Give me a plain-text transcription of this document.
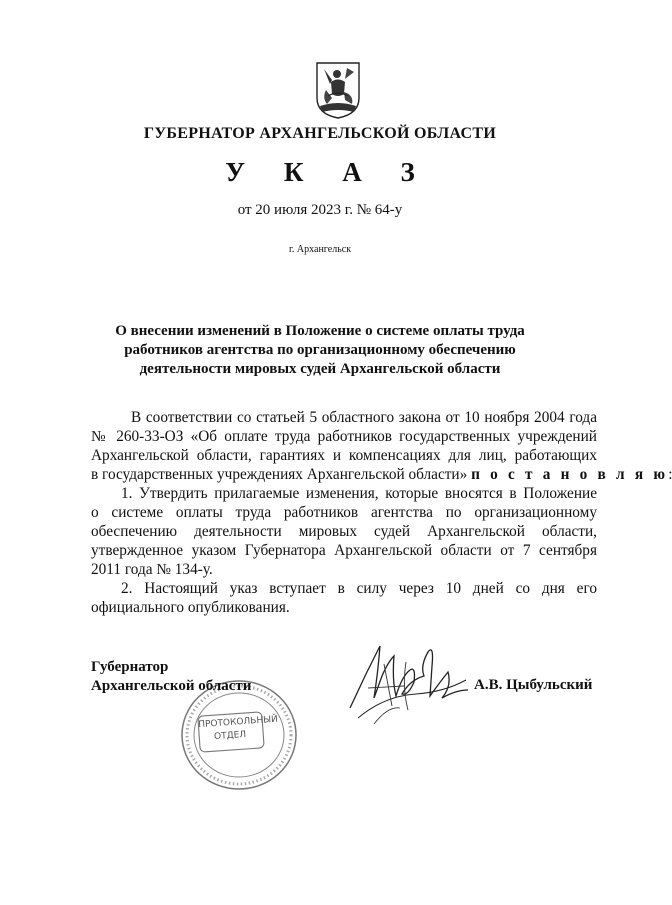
ГУБЕРНАТОР АРХАНГЕЛЬСКОЙ ОБЛАСТИ
У К А З
от 20 июля 2023 г. № 64-у
г. Архангельск
О внесении изменений в Положение о системе оплаты труда
работников агентства по организационному обеспечению
деятельности мировых судей Архангельской области
В соответствии со статьей 5 областного закона от 10 ноября 2004 года
№ 260-33-ОЗ «Об оплате труда работников государственных учреждений
Архангельской области, гарантиях и компенсациях для лиц, работающих
в государственных учреждениях Архангельской области» п о с т а н о в л я ю
1. Утвердить прилагаемые изменения, которые вносятся в Положение
о системе оплаты труда работников агентства по организационному
обеспечению деятельности мировых судей Архангельской области,
утвержденное указом Губернатора Архангельской области от 7 сентября
2011 года № 134-у.
2. Настоящий указ вступает в силу через 10 дней со дня его
официального опубликования.
ПРОТОКОЛЬНЫЙ
ОТДЕЛ
Губернатор
Архангельской области	А.В. Цыбульский
